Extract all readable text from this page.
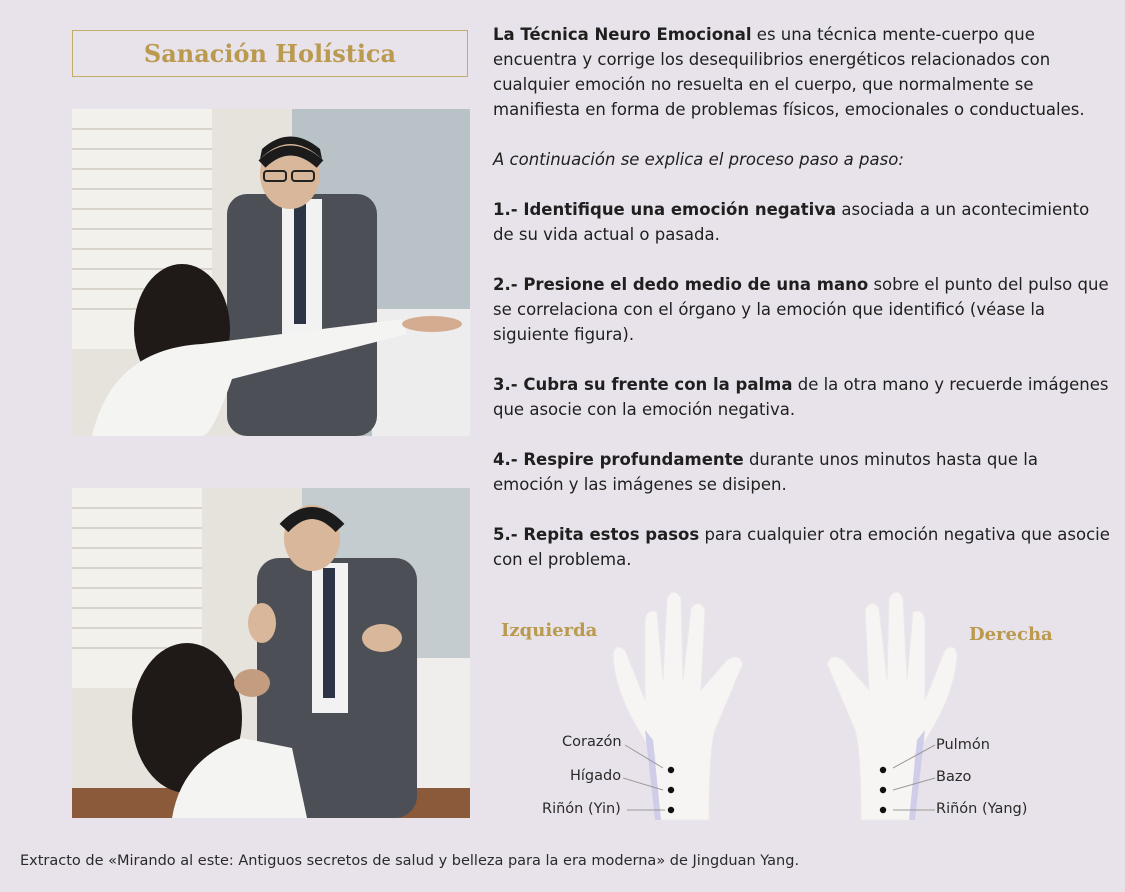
Sanación Holística

La Técnica Neuro Emocional es una técnica mente-cuerpo que encuentra y corrige los desequilibrios energéticos relacionados con cualquier emoción no resuelta en el cuerpo, que normalmente se manifiesta en forma de problemas físicos, emocionales o conductuales.

A continuación se explica el proceso paso a paso:

1.- Identifique una emoción negativa asociada a un acontecimiento de su vida actual o pasada.

2.- Presione el dedo medio de una mano sobre el punto del pulso que se correlaciona con el órgano y la emoción que identificó (véase la siguiente figura).

3.- Cubra su frente con la palma de la otra mano y recuerde imágenes que asocie con la emoción negativa.

4.- Respire profundamente durante unos minutos hasta que la emoción y las imágenes se disipen.

5.- Repita estos pasos para cualquier otra emoción negativa que asocie con el problema.

Izquierda	Derecha
Corazón
Hígado
Riñón (Yin)
Pulmón
Bazo
Riñón (Yang)
Extracto de «Mirando al este: Antiguos secretos de salud y belleza para la era moderna» de Jingduan Yang.
